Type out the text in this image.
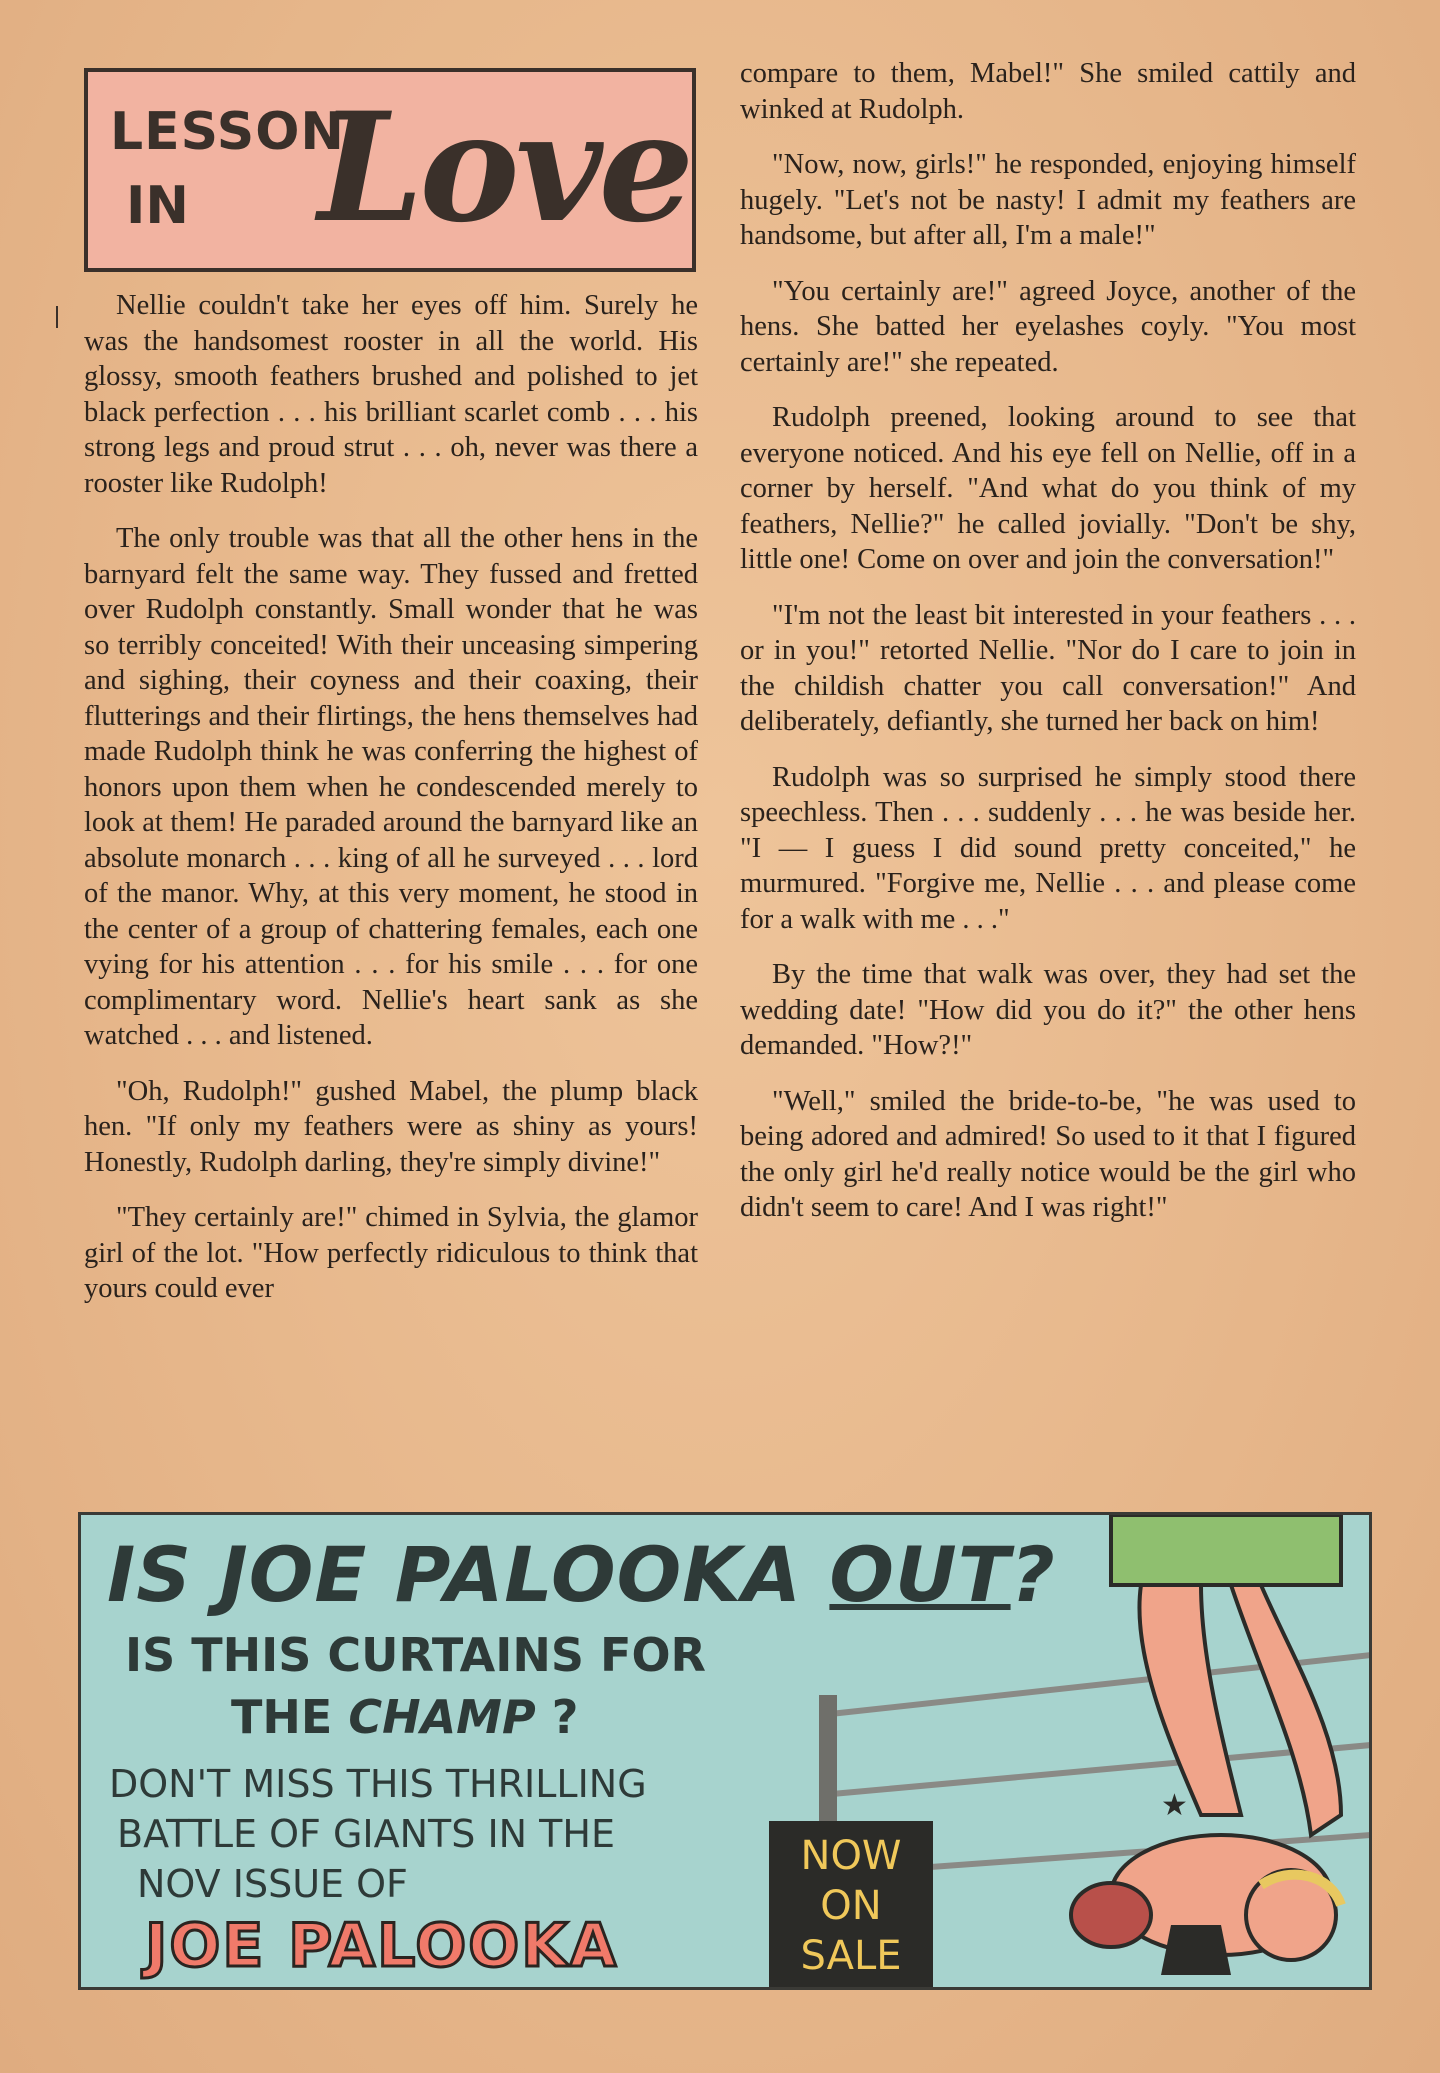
LESSON
IN Love

Nellie couldn't take her eyes off him. Surely he was the handsomest rooster in all the world. His glossy, smooth feathers brushed and polished to jet black perfection . . . his brilliant scarlet comb . . . his strong legs and proud strut . . . oh, never was there a rooster like Rudolph!

The only trouble was that all the other hens in the barnyard felt the same way. They fussed and fretted over Rudolph constantly. Small wonder that he was so terribly conceited! With their unceasing simpering and sighing, their coyness and their coaxing, their flutterings and their flirtings, the hens themselves had made Rudolph think he was conferring the highest of honors upon them when he condescended merely to look at them! He paraded around the barnyard like an absolute monarch . . . king of all he surveyed . . . lord of the manor. Why, at this very moment, he stood in the center of a group of chattering females, each one vying for his attention . . . for his smile . . . for one complimentary word. Nellie's heart sank as she watched . . . and listened.

"Oh, Rudolph!" gushed Mabel, the plump black hen. "If only my feathers were as shiny as yours! Honestly, Rudolph darling, they're simply divine!"

"They certainly are!" chimed in Sylvia, the glamor girl of the lot. "How perfectly ridiculous to think that yours could ever

compare to them, Mabel!" She smiled cattily and winked at Rudolph.

"Now, now, girls!" he responded, enjoying himself hugely. "Let's not be nasty! I admit my feathers are handsome, but after all, I'm a male!"

"You certainly are!" agreed Joyce, another of the hens. She batted her eyelashes coyly. "You most certainly are!" she repeated.

Rudolph preened, looking around to see that everyone noticed. And his eye fell on Nellie, off in a corner by herself. "And what do you think of my feathers, Nellie?" he called jovially. "Don't be shy, little one! Come on over and join the conversation!"

"I'm not the least bit interested in your feathers . . . or in you!" retorted Nellie. "Nor do I care to join in the childish chatter you call conversation!" And deliberately, defiantly, she turned her back on him!

Rudolph was so surprised he simply stood there speechless. Then . . . suddenly . . . he was beside her. "I — I guess I did sound pretty conceited," he murmured. "Forgive me, Nellie . . . and please come for a walk with me . . ."

By the time that walk was over, they had set the wedding date! "How did you do it?" the other hens demanded. "How?!"

"Well," smiled the bride-to-be, "he was used to being adored and admired! So used to it that I figured the only girl he'd really notice would be the girl who didn't seem to care! And I was right!"

★
IS JOE PALOOKA OUT?
IS THIS CURTAINS FOR
THE CHAMP ?
DON'T MISS THIS THRILLING
BATTLE OF GIANTS IN THE
NOV ISSUE OF
JOE PALOOKA
NOW
ON
SALE
